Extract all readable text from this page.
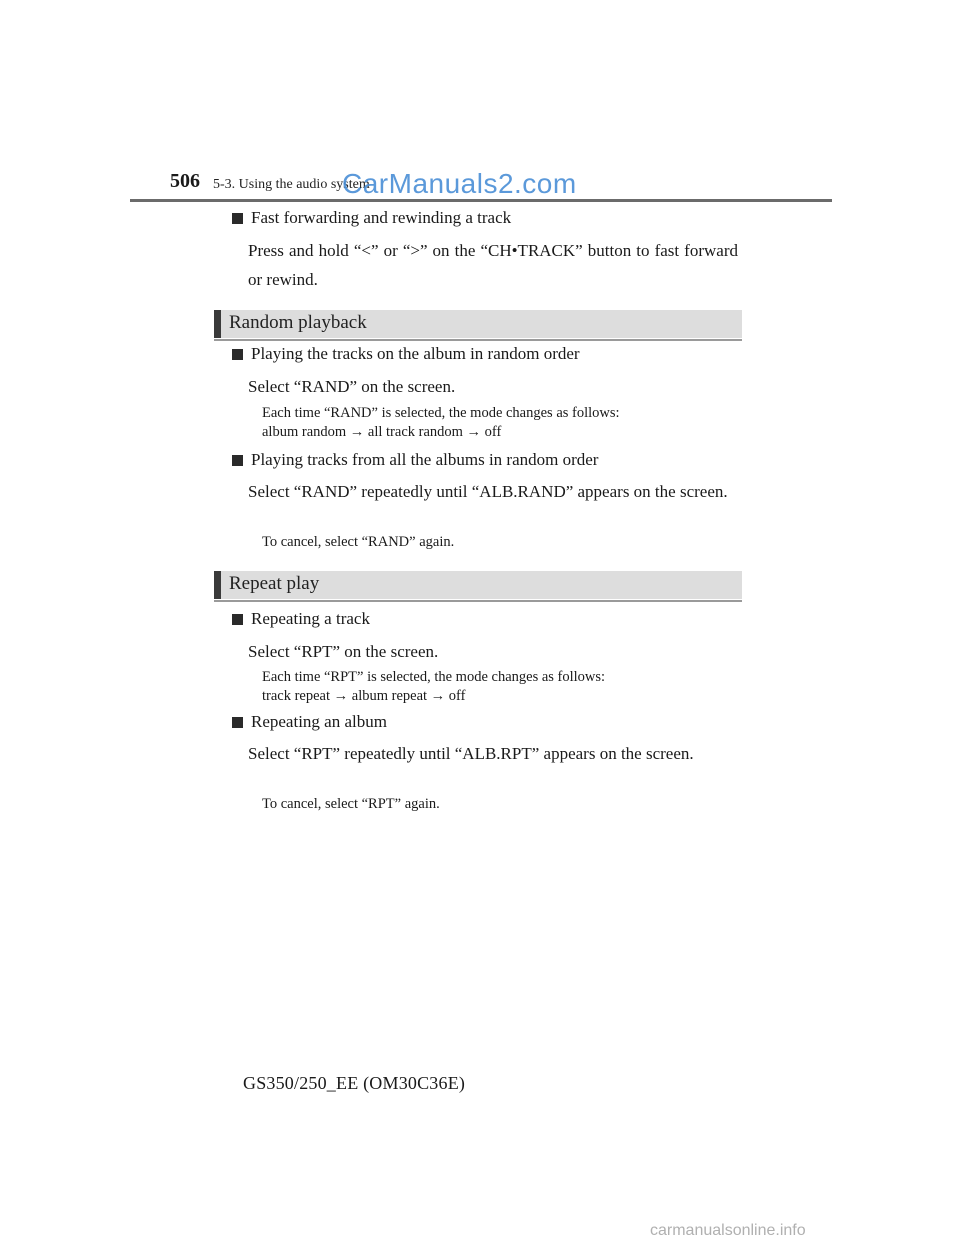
506 5-3. Using the audio system
CarManuals2.com
Fast forwarding and rewinding a track
Press and hold “<” or “>” on the “CH•TRACK” button to fast forward or rewind.
Random playback
Playing the tracks on the album in random order
Select “RAND” on the screen.
Each time “RAND” is selected, the mode changes as follows:
album random → all track random → off
Playing tracks from all the albums in random order
Select “RAND” repeatedly until “ALB.RAND” appears on the screen.
To cancel, select “RAND” again.
Repeat play
Repeating a track
Select “RPT” on the screen.
Each time “RPT” is selected, the mode changes as follows:
track repeat → album repeat → off
Repeating an album
Select “RPT” repeatedly until “ALB.RPT” appears on the screen.
To cancel, select “RPT” again.
GS350/250_EE (OM30C36E)
carmanualsonline.info
